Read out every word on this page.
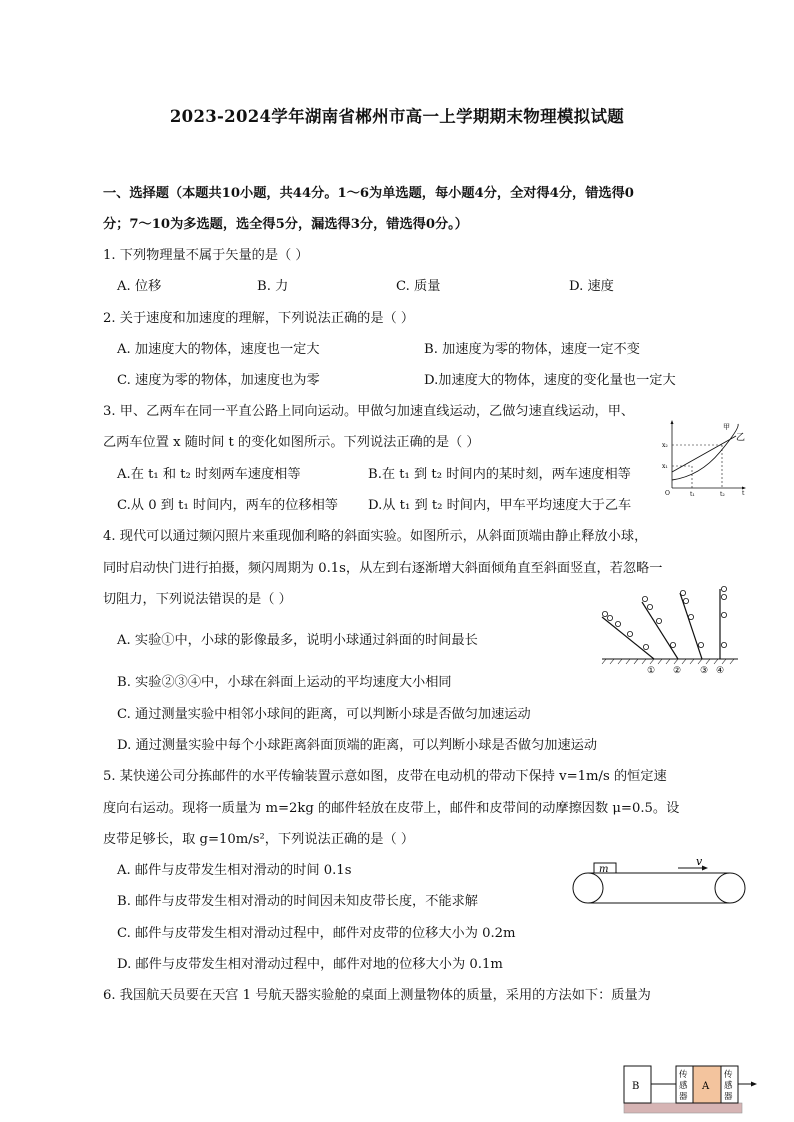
2023-2024学年湖南省郴州市高一上学期期末物理模拟试题
一、选择题（本题共10小题，共44分。1～6为单选题，每小题4分，全对得4分，错选得0
分；7～10为多选题，选全得5分，漏选得3分，错选得0分。）
1. 下列物理量不属于矢量的是（ ）
A. 位移	B. 力	C. 质量	D. 速度
2. 关于速度和加速度的理解，下列说法正确的是（ ）
A. 加速度大的物体，速度也一定大	B. 加速度为零的物体，速度一定不变
C. 速度为零的物体，加速度也为零	D.加速度大的物体，速度的变化量也一定大
3. 甲、乙两车在同一平直公路上同向运动。甲做匀加速直线运动，乙做匀速直线运动，甲、
乙两车位置 x 随时间 t 的变化如图所示。下列说法正确的是（ ）
A.在 t₁ 和 t₂ 时刻两车速度相等	B.在 t₁ 到 t₂ 时间内的某时刻，两车速度相等
C.从 0 到 t₁ 时间内，两车的位移相等 D.从 t₁ 到 t₂ 时间内，甲车平均速度大于乙车
甲
乙
x₂
x₁
O	t₁	t₂	t
4. 现代可以通过频闪照片来重现伽利略的斜面实验。如图所示，从斜面顶端由静止释放小球，
同时启动快门进行拍摄，频闪周期为 0.1s，从左到右逐渐增大斜面倾角直至斜面竖直，若忽略一
切阻力，下列说法错误的是（ ）
A. 实验①中，小球的影像最多，说明小球通过斜面的时间最长
B. 实验②③④中，小球在斜面上运动的平均速度大小相同
C. 通过测量实验中相邻小球间的距离，可以判断小球是否做匀加速运动
D. 通过测量实验中每个小球距离斜面顶端的距离，可以判断小球是否做匀加速运动
① ② ③ ④
5. 某快递公司分拣邮件的水平传输装置示意如图，皮带在电动机的带动下保持 v=1m/s 的恒定速
度向右运动。现将一质量为 m=2kg 的邮件轻放在皮带上，邮件和皮带间的动摩擦因数 μ=0.5。设
皮带足够长，取 g=10m/s²，下列说法正确的是（ ）
A. 邮件与皮带发生相对滑动的时间 0.1s
B. 邮件与皮带发生相对滑动的时间因未知皮带长度，不能求解
C. 邮件与皮带发生相对滑动过程中，邮件对皮带的位移大小为 0.2m
D. 邮件与皮带发生相对滑动过程中，邮件对地的位移大小为 0.1m
m
v
6. 我国航天员要在天宫 1 号航天器实验舱的桌面上测量物体的质量，采用的方法如下：质量为
B
传
感
器
A
传
感
器
